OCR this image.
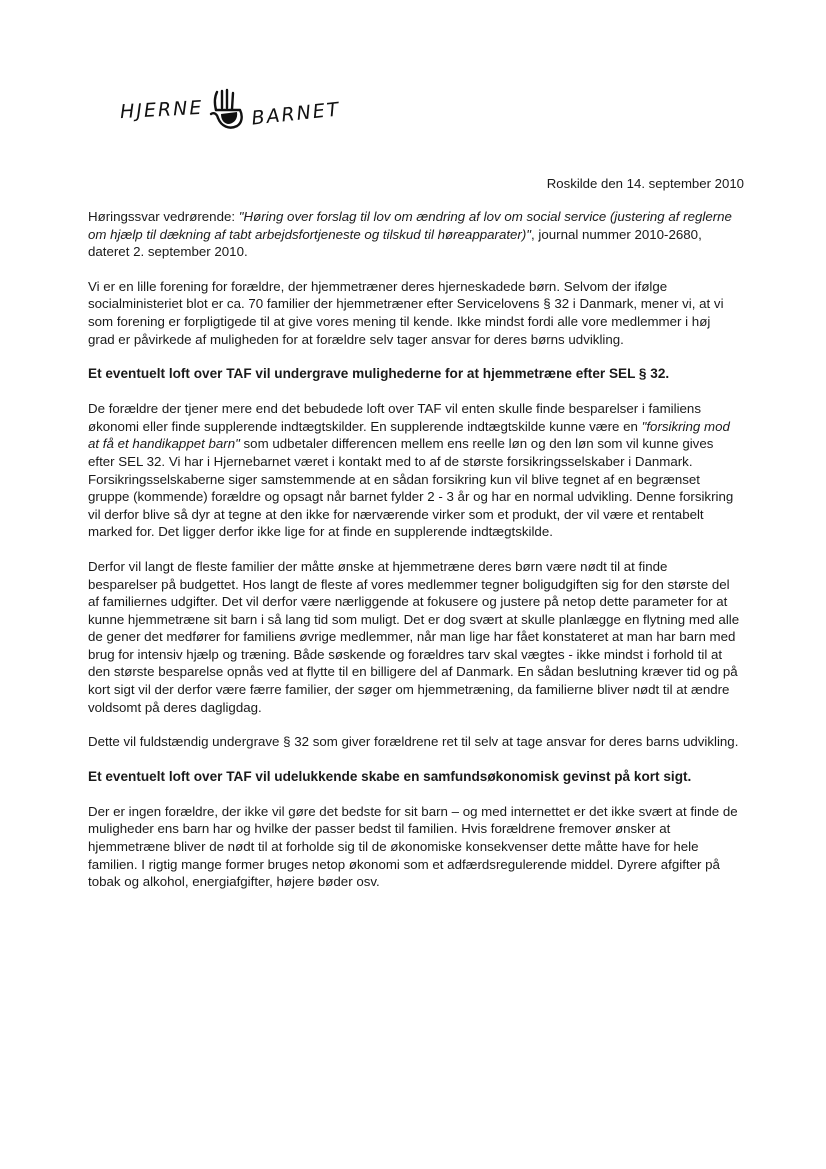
HJERNE BARNET
Roskilde den 14. september 2010

Høringssvar vedrørende: "Høring over forslag til lov om ændring af lov om social service (justering af reglerne om hjælp til dækning af tabt arbejdsfortjeneste og tilskud til høreapparater)", journal nummer 2010-2680, dateret 2. september 2010.

Vi er en lille forening for forældre, der hjemmetræner deres hjerneskadede børn. Selvom der ifølge socialministeriet blot er ca. 70 familier der hjemmetræner efter Servicelovens § 32 i Danmark, mener vi, at vi som forening er forpligtigede til at give vores mening til kende. Ikke mindst fordi alle vore medlemmer i høj grad er påvirkede af muligheden for at forældre selv tager ansvar for deres børns udvikling.

Et eventuelt loft over TAF vil undergrave mulighederne for at hjemmetræne efter SEL § 32.

De forældre der tjener mere end det bebudede loft over TAF vil enten skulle finde besparelser i familiens økonomi eller finde supplerende indtægtskilder. En supplerende indtægtskilde kunne være en "forsikring mod at få et handikappet barn" som udbetaler differencen mellem ens reelle løn og den løn som vil kunne gives efter SEL 32. Vi har i Hjernebarnet været i kontakt med to af de største forsikringsselskaber i Danmark. Forsikringsselskaberne siger samstemmende at en sådan forsikring kun vil blive tegnet af en begrænset gruppe (kommende) forældre og opsagt når barnet fylder 2 - 3 år og har en normal udvikling. Denne forsikring vil derfor blive så dyr at tegne at den ikke for nærværende virker som et produkt, der vil være et rentabelt marked for. Det ligger derfor ikke lige for at finde en supplerende indtægtskilde.

Derfor vil langt de fleste familier der måtte ønske at hjemmetræne deres børn være nødt til at finde besparelser på budgettet. Hos langt de fleste af vores medlemmer tegner boligudgiften sig for den største del af familiernes udgifter. Det vil derfor være nærliggende at fokusere og justere på netop dette parameter for at kunne hjemmetræne sit barn i så lang tid som muligt. Det er dog svært at skulle planlægge en flytning med alle de gener det medfører for familiens øvrige medlemmer, når man lige har fået konstateret at man har barn med brug for intensiv hjælp og træning. Både søskende og forældres tarv skal vægtes - ikke mindst i forhold til at den største besparelse opnås ved at flytte til en billigere del af Danmark. En sådan beslutning kræver tid og på kort sigt vil der derfor være færre familier, der søger om hjemmetræning, da familierne bliver nødt til at ændre voldsomt på deres dagligdag.

Dette vil fuldstændig undergrave § 32 som giver forældrene ret til selv at tage ansvar for deres barns udvikling.

Et eventuelt loft over TAF vil udelukkende skabe en samfundsøkonomisk gevinst på kort sigt.

Der er ingen forældre, der ikke vil gøre det bedste for sit barn – og med internettet er det ikke svært at finde de muligheder ens barn har og hvilke der passer bedst til familien. Hvis forældrene fremover ønsker at hjemmetræne bliver de nødt til at forholde sig til de økonomiske konsekvenser dette måtte have for hele familien. I rigtig mange former bruges netop økonomi som et adfærdsregulerende middel. Dyrere afgifter på tobak og alkohol, energiafgifter, højere bøder osv.
